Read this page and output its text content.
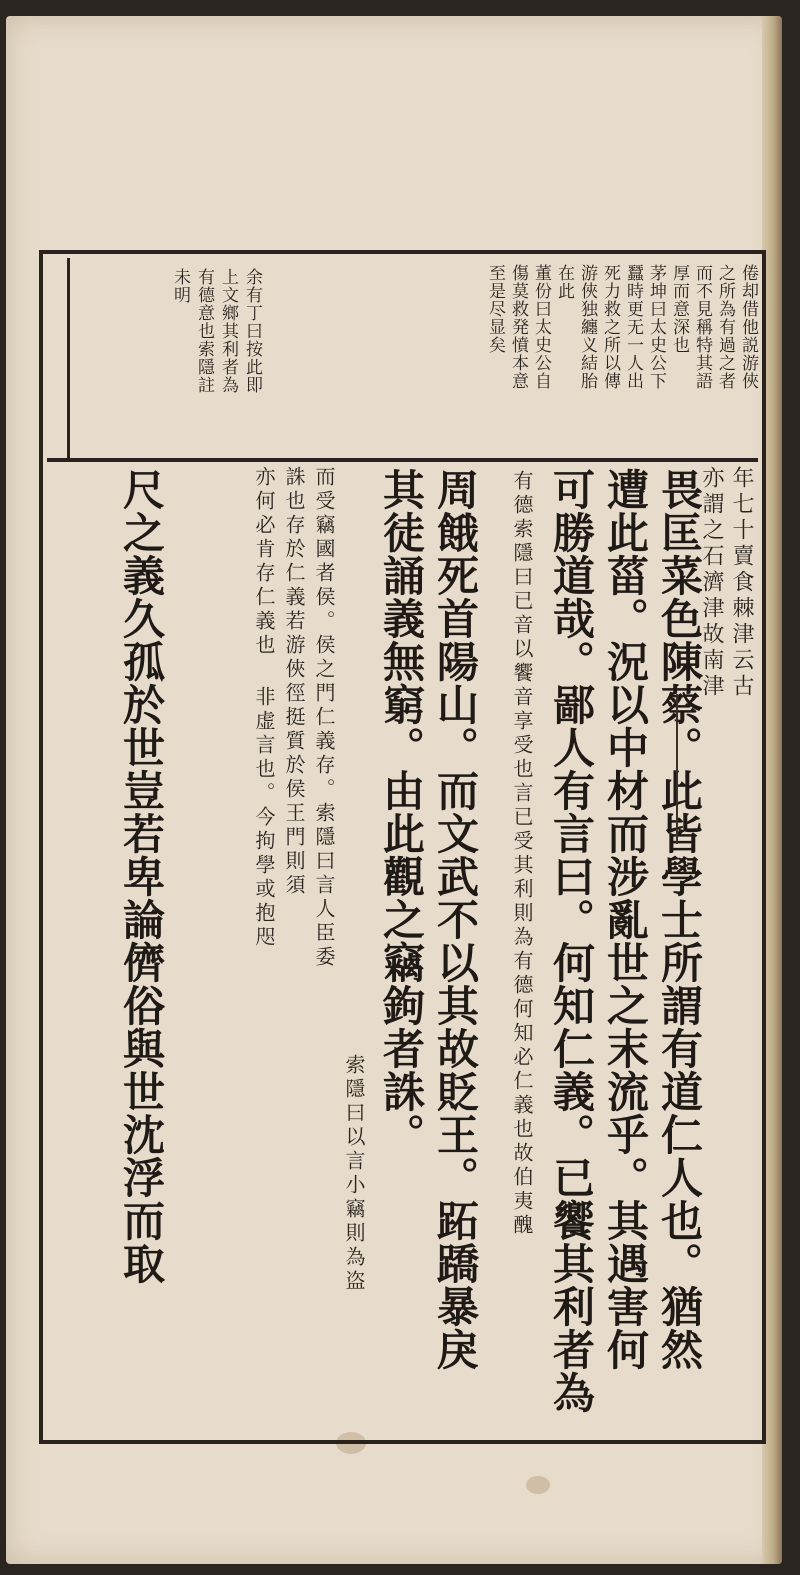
倦却借他説游俠
之所為有過之者
而不見稱特其語
厚而意深也
茅坤曰太史公下
蠶時更无一人出
死力救之所以傳
游俠独纏义結胎
在此
董份曰太史公自
傷莫救発憤本意
至是尽显矣
余有丁曰按此即
上文鄉其利者為
有德意也索隱註
未明
年七十賣食棘津云古
亦謂之石濟津故南津
畏匡菜色陳蔡。此皆學士所謂有道仁人也。猶然
遭此菑。況以中材而涉亂世之末流乎。其遇害何
可勝道哉。鄙人有言曰。何知仁義。已饗其利者為
有德索隱曰已音以饗音享受也言已受其利則為有德何知必仁義也故伯夷醜
周餓死首陽山。而文武不以其故貶王。跖蹻暴戾
其徒誦義無窮。由此觀之竊鉤者誅。
索隱曰以言小竊則為盗
而受竊國者侯。侯之門仁義存。索隱曰言人臣委
誅也存於仁義若游俠徑挺質於侯王門則須
亦何必肯存仁義也 非虚言也。今拘學或抱咫
尺之義久孤於世豈若卑論儕俗與世沈浮而取
